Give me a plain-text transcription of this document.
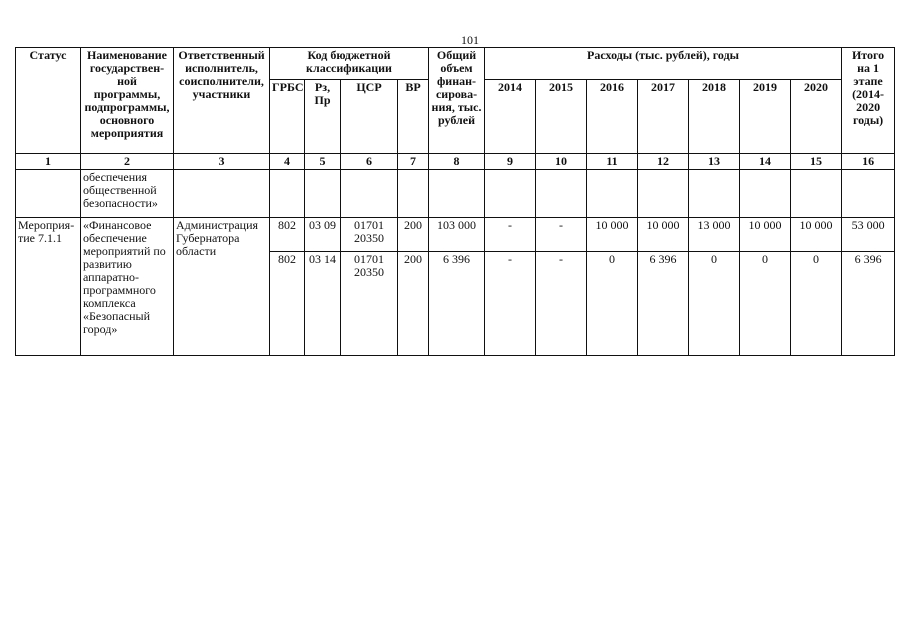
101
Статус	Наименование государствен-ной программы, подпрограммы, основного мероприятия	Ответственный исполнитель, соисполнители, участники	Код бюджетной классификации				Общий объем финан-сирова-ния, тыс. рублей	Расходы (тыс. рублей), годы							Итого на 1 этапе (2014-2020 годы)
			ГРБС	Рз, Пр	ЦСР	ВР		2014	2015	2016	2017	2018	2019	2020	
1	2	3	4	5	6	7	8	9	10	11	12	13	14	15	16
	обеспечения общественной безопасности»														
Мероприя-тие 7.1.1	«Финансовое обеспечение мероприятий по развитию аппаратно-программного комплекса «Безопасный город»	Администрация Губернатора области	802	03 09	01701 20350	200	103 000	-	-	10 000	10 000	13 000	10 000	10 000	53 000
			802	03 14	01701 20350	200	6 396	-	-	0	6 396	0	0	0	6 396
